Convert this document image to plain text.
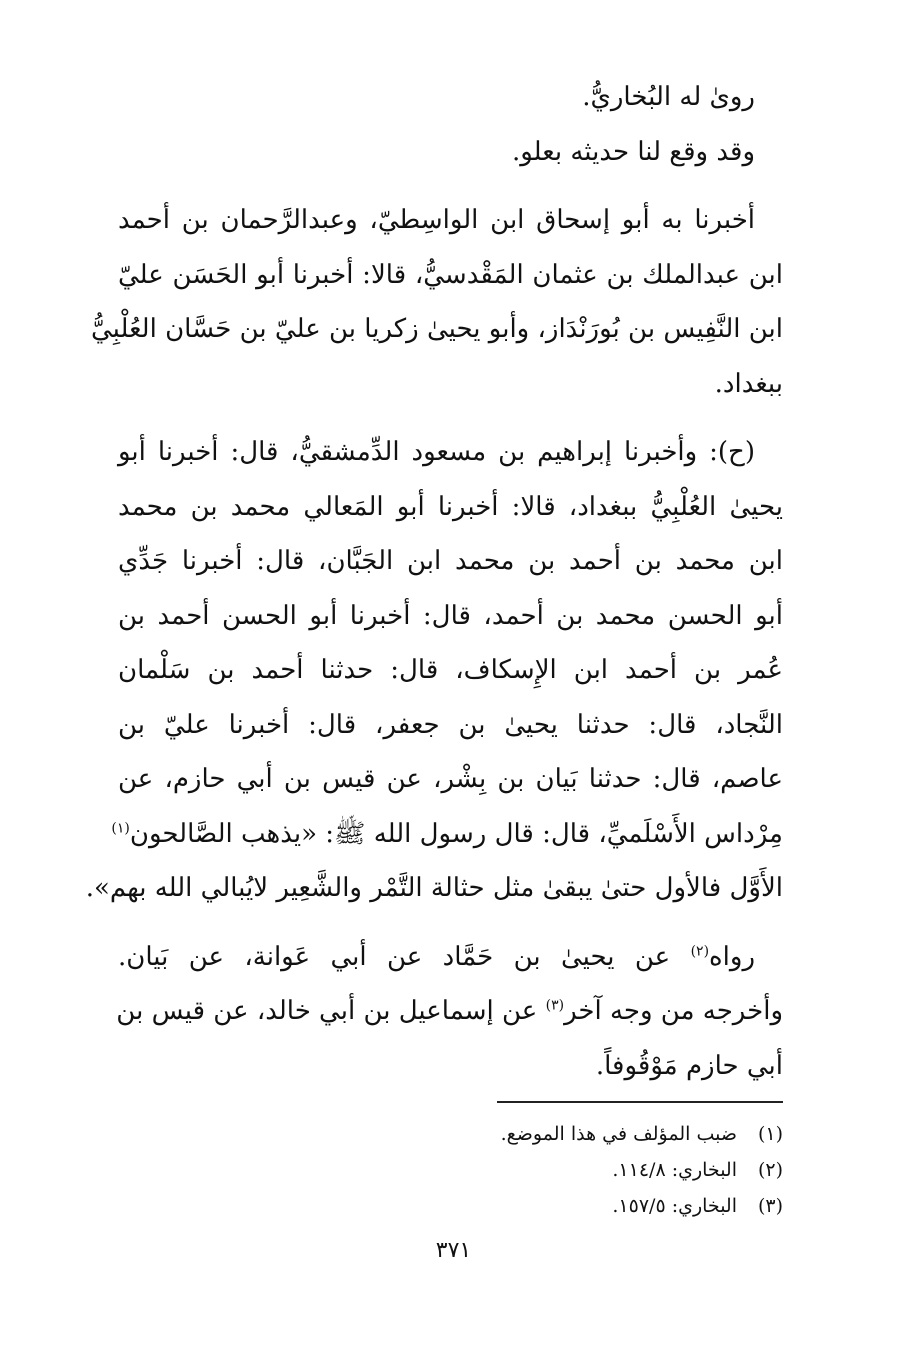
روىٰ له البُخاريُّ.
وقد وقع لنا حديثه بعلو.
أخبرنا به أبو إسحاق ابن الواسِطيّ، وعبدالرَّحمان بن أحمد
ابن عبدالملك بن عثمان المَقْدسيُّ، قالا: أخبرنا أبو الحَسَن عليّ
ابن النَّفِيس بن بُورَنْدَاز، وأبو يحيىٰ زكريا بن عليّ بن حَسَّان العُلْبِيُّ
ببغداد.
(ح): وأخبرنا إبراهيم بن مسعود الدِّمشقيُّ، قال: أخبرنا أبو
يحيىٰ العُلْبِيُّ ببغداد، قالا: أخبرنا أبو المَعالي محمد بن محمد
ابن محمد بن أحمد بن محمد ابن الجَبَّان، قال: أخبرنا جَدِّي
أبو الحسن محمد بن أحمد، قال: أخبرنا أبو الحسن أحمد بن
عُمر بن أحمد ابن الإِسكاف، قال: حدثنا أحمد بن سَلْمان
النَّجاد، قال: حدثنا يحيىٰ بن جعفر، قال: أخبرنا عليّ بن
عاصم، قال: حدثنا بَيان بن بِشْر، عن قيس بن أبي حازم، عن
مِرْداس الأَسْلَميِّ، قال: قال رسول الله ﷺ: «يذهب الصَّالحون$^{(١)}$
الأَوَّل فالأول حتىٰ يبقىٰ مثل حثالة التَّمْر والشَّعِير لايُبالي الله بهم».
رواه$^{(٢)}$ عن يحيىٰ بن حَمَّاد عن أبي عَوانة، عن بَيان.
وأخرجه من وجه آخر$^{(٣)}$ عن إسماعيل بن أبي خالد، عن قيس بن
أبي حازم مَوْقُوفاً.
(١)ضبب المؤلف في هذا الموضع.
(٢)البخاري: ١١٤/٨.
(٣)البخاري: ١٥٧/٥.
٣٧١
